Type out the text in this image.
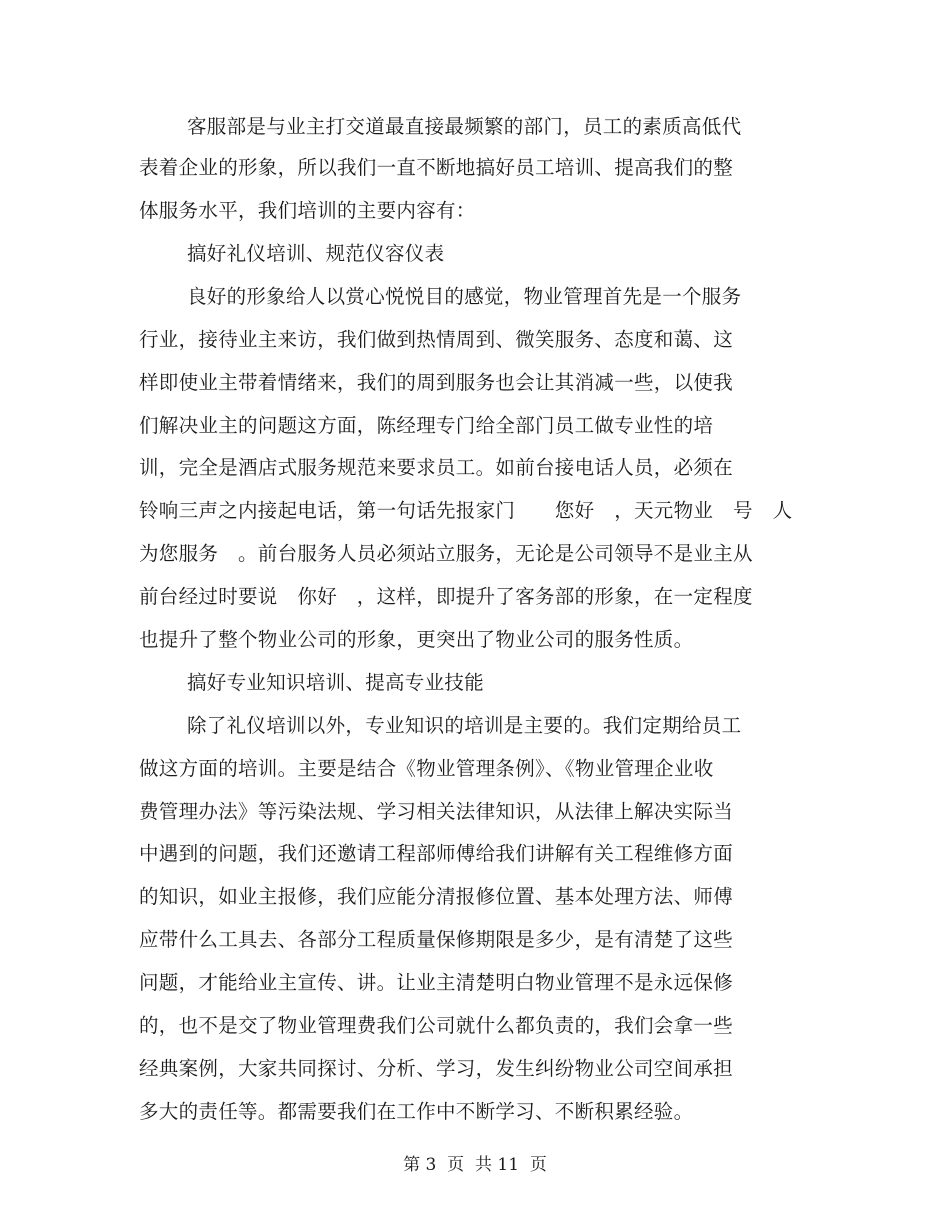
客服部是与业主打交道最直接最频繁的部门，员工的素质高低代
表着企业的形象，所以我们一直不断地搞好员工培训、提高我们的整
体服务水平，我们培训的主要内容有：
搞好礼仪培训、规范仪容仪表
良好的形象给人以赏心悦悦目的感觉，物业管理首先是一个服务
行业，接待业主来访，我们做到热情周到、微笑服务、态度和蔼、这
样即使业主带着情绪来，我们的周到服务也会让其消减一些，以使我
们解决业主的问题这方面，陈经理专门给全部门员工做专业性的培
训，完全是酒店式服务规范来要求员工。如前台接电话人员，必须在
铃响三声之内接起电话，第一句话先报家门　　您好　，天元物业　号　人
为您服务　。前台服务人员必须站立服务，无论是公司领导不是业主从
前台经过时要说　你好　，这样，即提升了客务部的形象，在一定程度
也提升了整个物业公司的形象，更突出了物业公司的服务性质。
搞好专业知识培训、提高专业技能
除了礼仪培训以外，专业知识的培训是主要的。我们定期给员工
做这方面的培训。主要是结合《物业管理条例》、《物业管理企业收
费管理办法》等污染法规、学习相关法律知识，从法律上解决实际当
中遇到的问题，我们还邀请工程部师傅给我们讲解有关工程维修方面
的知识，如业主报修，我们应能分清报修位置、基本处理方法、师傅
应带什么工具去、各部分工程质量保修期限是多少，是有清楚了这些
问题，才能给业主宣传、讲。让业主清楚明白物业管理不是永远保修
的，也不是交了物业管理费我们公司就什么都负责的，我们会拿一些
经典案例，大家共同探讨、分析、学习，发生纠纷物业公司空间承担
多大的责任等。都需要我们在工作中不断学习、不断积累经验。
第 3  页  共 11  页
